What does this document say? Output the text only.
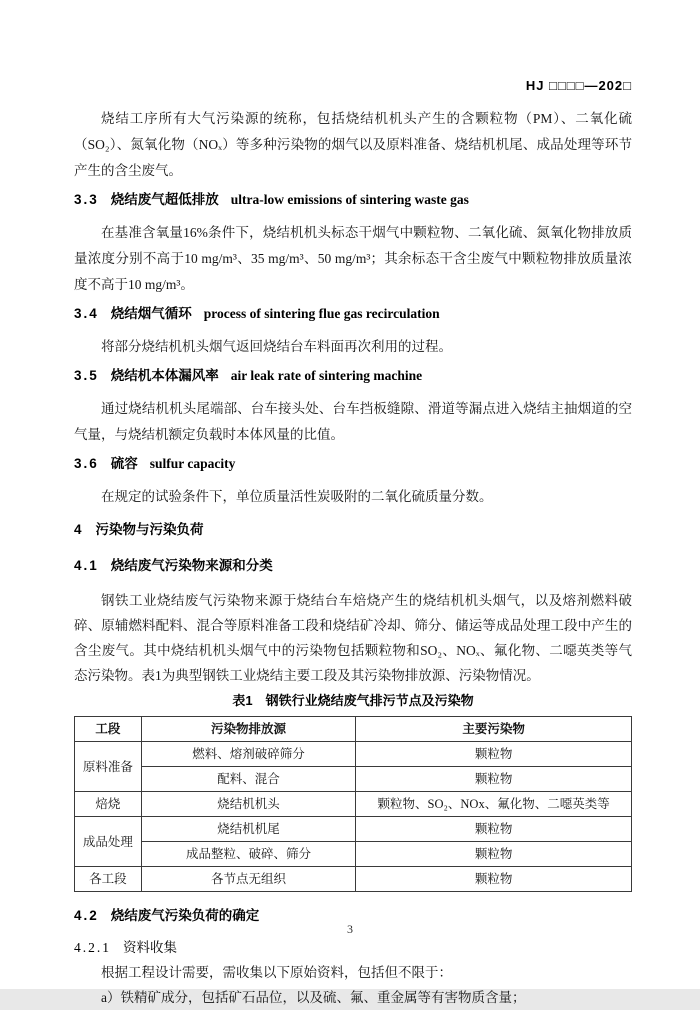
HJ □□□□—202□

烧结工序所有大气污染源的统称，包括烧结机机头产生的含颗粒物（PM）、二氧化硫（SO₂）、氮氧化物（NOₓ）等多种污染物的烟气以及原料准备、烧结机机尾、成品处理等环节产生的含尘废气。

3.3 烧结废气超低排放 ultra-low emissions of sintering waste gas

在基准含氧量16%条件下，烧结机机头标态干烟气中颗粒物、二氧化硫、氮氧化物排放质量浓度分别不高于10 mg/m³、35 mg/m³、50 mg/m³；其余标态干含尘废气中颗粒物排放质量浓度不高于10 mg/m³。

3.4 烧结烟气循环 process of sintering flue gas recirculation

将部分烧结机机头烟气返回烧结台车料面再次利用的过程。

3.5 烧结机本体漏风率 air leak rate of sintering machine

通过烧结机机头尾端部、台车接头处、台车挡板缝隙、滑道等漏点进入烧结主抽烟道的空气量，与烧结机额定负载时本体风量的比值。

3.6 硫容 sulfur capacity

在规定的试验条件下，单位质量活性炭吸附的二氧化硫质量分数。

4 污染物与污染负荷
4.1 烧结废气污染物来源和分类

钢铁工业烧结废气污染物来源于烧结台车焙烧产生的烧结机机头烟气，以及熔剂燃料破碎、原辅燃料配料、混合等原料准备工段和烧结矿冷却、筛分、储运等成品处理工段中产生的含尘废气。其中烧结机机头烟气中的污染物包括颗粒物和SO₂、NOₓ、氟化物、二噁英类等气态污染物。表1为典型钢铁工业烧结主要工段及其污染物排放源、污染物情况。

表1　钢铁行业烧结废气排污节点及污染物
工段	污染物排放源	主要污染物
原料准备	燃料、熔剂破碎筛分	颗粒物
	配料、混合	颗粒物
焙烧	烧结机机头	颗粒物、SO₂、NOx、氟化物、二噁英类等
成品处理	烧结机机尾	颗粒物
	成品整粒、破碎、筛分	颗粒物
各工段	各节点无组织	颗粒物
4.2 烧结废气污染负荷的确定
4.2.1 资料收集

根据工程设计需要，需收集以下原始资料，包括但不限于：

a）铁精矿成分，包括矿石品位，以及硫、氟、重金属等有害物质含量；

3
